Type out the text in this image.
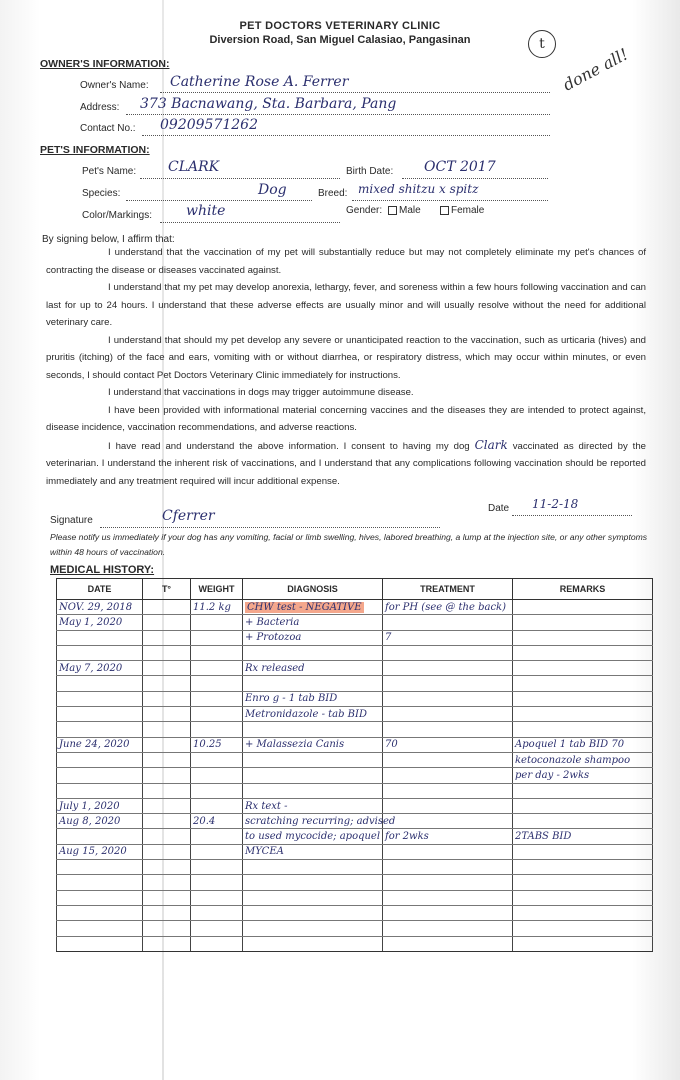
PET DOCTORS VETERINARY CLINIC
Diversion Road, San Miguel Calasiao, Pangasinan	t
done all!
OWNER'S INFORMATION:
Owner's Name: Catherine Rose A. Ferrer
Address: 373 Bacnawang, Sta. Barbara, Pang
Contact No.: 09209571262
PET'S INFORMATION:
Pet's Name: CLARK	Birth Date: OCT 2017
Species:	Dog	Breed: mixed shitzu x spitz
Color/Markings: white	Gender:	Male	Female
By signing below, I affirm that:

I understand that the vaccination of my pet will substantially reduce but may not completely eliminate my pet's chances of contracting the disease or diseases vaccinated against.

I understand that my pet may develop anorexia, lethargy, fever, and soreness within a few hours following vaccination and can last for up to 24 hours. I understand that these adverse effects are usually minor and will usually resolve without the need for additional veterinary care.

I understand that should my pet develop any severe or unanticipated reaction to the vaccination, such as urticaria (hives) and pruritis (itching) of the face and ears, vomiting with or without diarrhea, or respiratory distress, which may occur within minutes, or even seconds, I should contact Pet Doctors Veterinary Clinic immediately for instructions.

I understand that vaccinations in dogs may trigger autoimmune disease.

I have been provided with informational material concerning vaccines and the diseases they are intended to protect against, disease incidence, vaccination recommendations, and adverse reactions.

I have read and understand the above information. I consent to having my dog Clark vaccinated as directed by the veterinarian. I understand the inherent risk of vaccinations, and I understand that any complications following vaccination should be reported immediately and any treatment required will incur additional expense.

Signature	Cferrer	Date 11-2-18
Please notify us immediately if your dog has any vomiting, facial or limb swelling, hives, labored breathing, a lump at the injection site, or any other symptoms within 48 hours of vaccination.
MEDICAL HISTORY:
DATE	T°	WEIGHT	DIAGNOSIS	TREATMENT	REMARKS
NOV. 29, 2018		11.2 kg	CHW test - NEGATIVE	for PH (see @ the back)	
May 1, 2020			+ Bacteria		
			+ Protozoa	7	

May 7, 2020			Rx released		

			Enro g - 1 tab BID		
			Metronidazole - tab BID		

June 24, 2020		10.25	+ Malassezia Canis	70	Apoquel 1 tab BID 70
					ketoconazole shampoo
					per day - 2wks

July 1, 2020			Rx text -		
Aug 8, 2020		20.4	scratching recurring; advised		
			to used mycocide; apoquel	for 2wks	2TABS BID
Aug 15, 2020			MYCEA		
